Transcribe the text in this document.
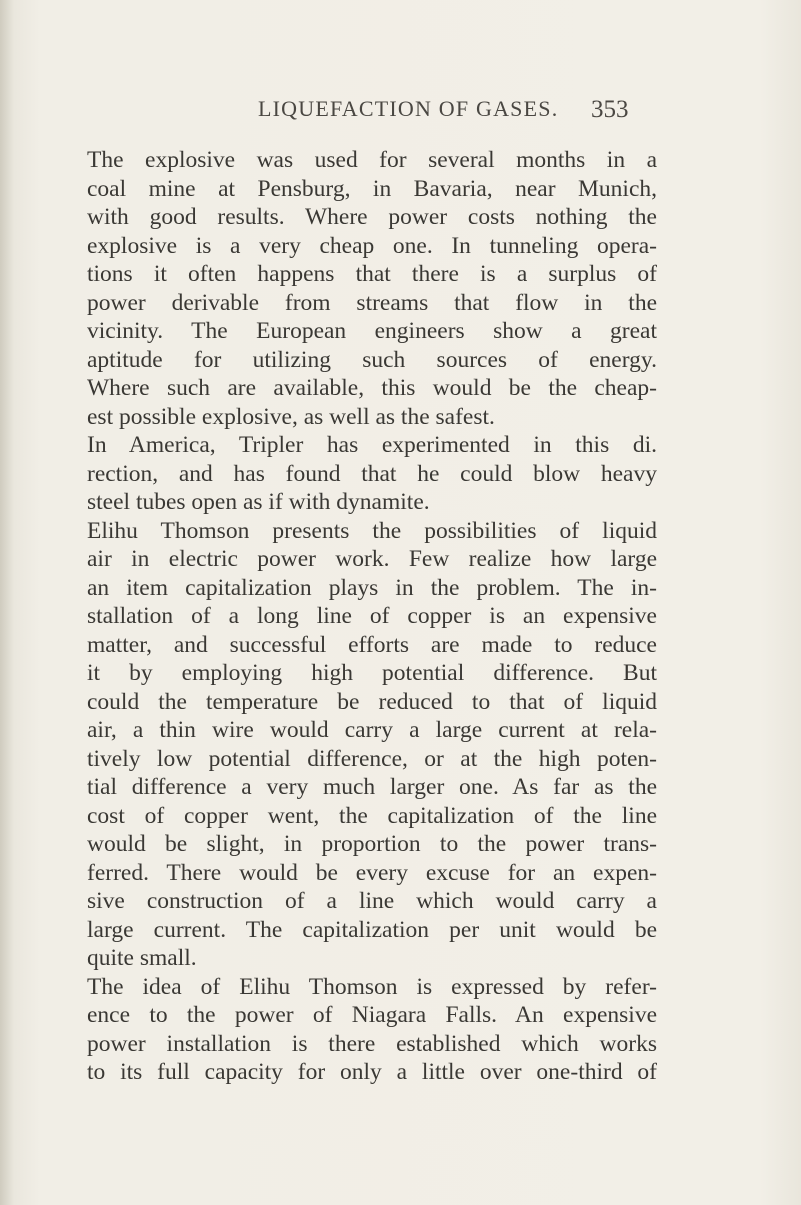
LIQUEFACTION OF GASES. 353
The explosive was used for several months in a
coal mine at Pensburg, in Bavaria, near Munich,
with good results. Where power costs nothing the
explosive is a very cheap one. In tunneling opera-
tions it often happens that there is a surplus of
power derivable from streams that flow in the
vicinity. The European engineers show a great
aptitude for utilizing such sources of energy.
Where such are available, this would be the cheap-
est possible explosive, as well as the safest.
In America, Tripler has experimented in this di.
rection, and has found that he could blow heavy
steel tubes open as if with dynamite.
Elihu Thomson presents the possibilities of liquid
air in electric power work. Few realize how large
an item capitalization plays in the problem. The in-
stallation of a long line of copper is an expensive
matter, and successful efforts are made to reduce
it by employing high potential difference. But
could the temperature be reduced to that of liquid
air, a thin wire would carry a large current at rela-
tively low potential difference, or at the high poten-
tial difference a very much larger one. As far as the
cost of copper went, the capitalization of the line
would be slight, in proportion to the power trans-
ferred. There would be every excuse for an expen-
sive construction of a line which would carry a
large current. The capitalization per unit would be
quite small.
The idea of Elihu Thomson is expressed by refer-
ence to the power of Niagara Falls. An expensive
power installation is there established which works
to its full capacity for only a little over one-third of
